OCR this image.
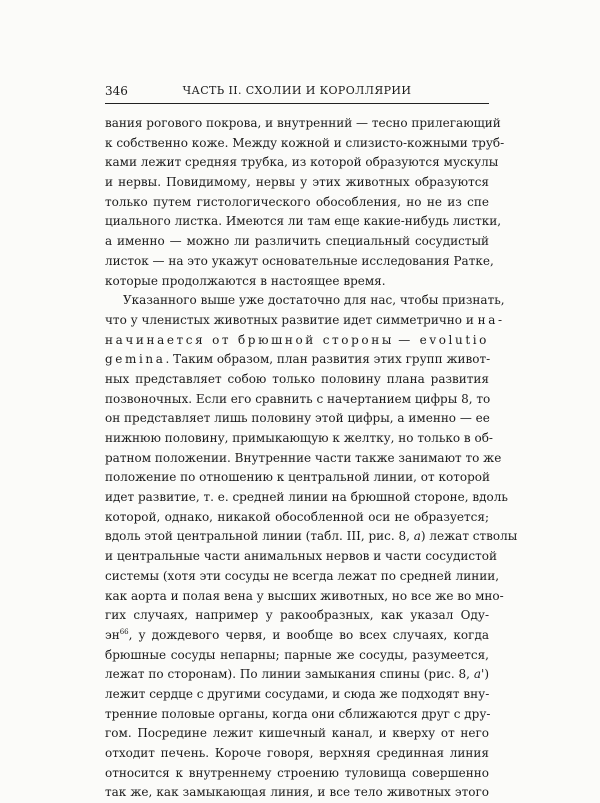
346	ЧАСТЬ II. СХОЛИИ И КОРОЛЛЯРИИ
вания рогового покрова, и внутренний — тесно прилегающий
к собственно коже. Между кожной и слизисто-кожными труб-
ками лежит средняя трубка, из которой образуются мускулы
и нервы. Повидимому, нервы у этих животных образуются
только путем гистологического обособления, но не из спе
циального листка. Имеются ли там еще какие-нибудь листки,
а именно — можно ли различить специальный сосудистый
листок — на это укажут основательные исследования Ратке,
которые продолжаются в настоящее время.
Указанного выше уже достаточно для нас, чтобы признать,
что у членистых животных развитие идет симметрично и на-
начинается от брюшной стороны — evolutio
gemina. Таким образом, план развития этих групп живот-
ных представляет собою только половину плана развития
позвоночных. Если его сравнить с начертанием цифры 8, то
он представляет лишь половину этой цифры, а именно — ее
нижнюю половину, примыкающую к желтку, но только в об-
ратном положении. Внутренние части также занимают то же
положение по отношению к центральной линии, от которой
идет развитие, т. е. средней линии на брюшной стороне, вдоль
которой, однако, никакой обособленной оси не образуется;
вдоль этой центральной линии (табл. III, рис. 8, a) лежат стволы
и центральные части анимальных нервов и части сосудистой
системы (хотя эти сосуды не всегда лежат по средней линии,
как аорта и полая вена у высших животных, но все же во мно-
гих случаях, например у ракообразных, как указал Оду-
$эн^{66}$, у дождевого червя, и вообще во всех случаях, когда
брюшные сосуды непарны; парные же сосуды, разумеется,
лежат по сторонам). По линии замыкания спины (рис. 8, a')
лежит сердце с другими сосудами, и сюда же подходят вну-
тренние половые органы, когда они сближаются друг с дру-
гом. Посредине лежит кишечный канал, и кверху от него
отходит печень. Короче говоря, верхняя срединная линия
относится к внутреннему строению туловища совершенно
так же, как замыкающая линия, и все тело животных этого
